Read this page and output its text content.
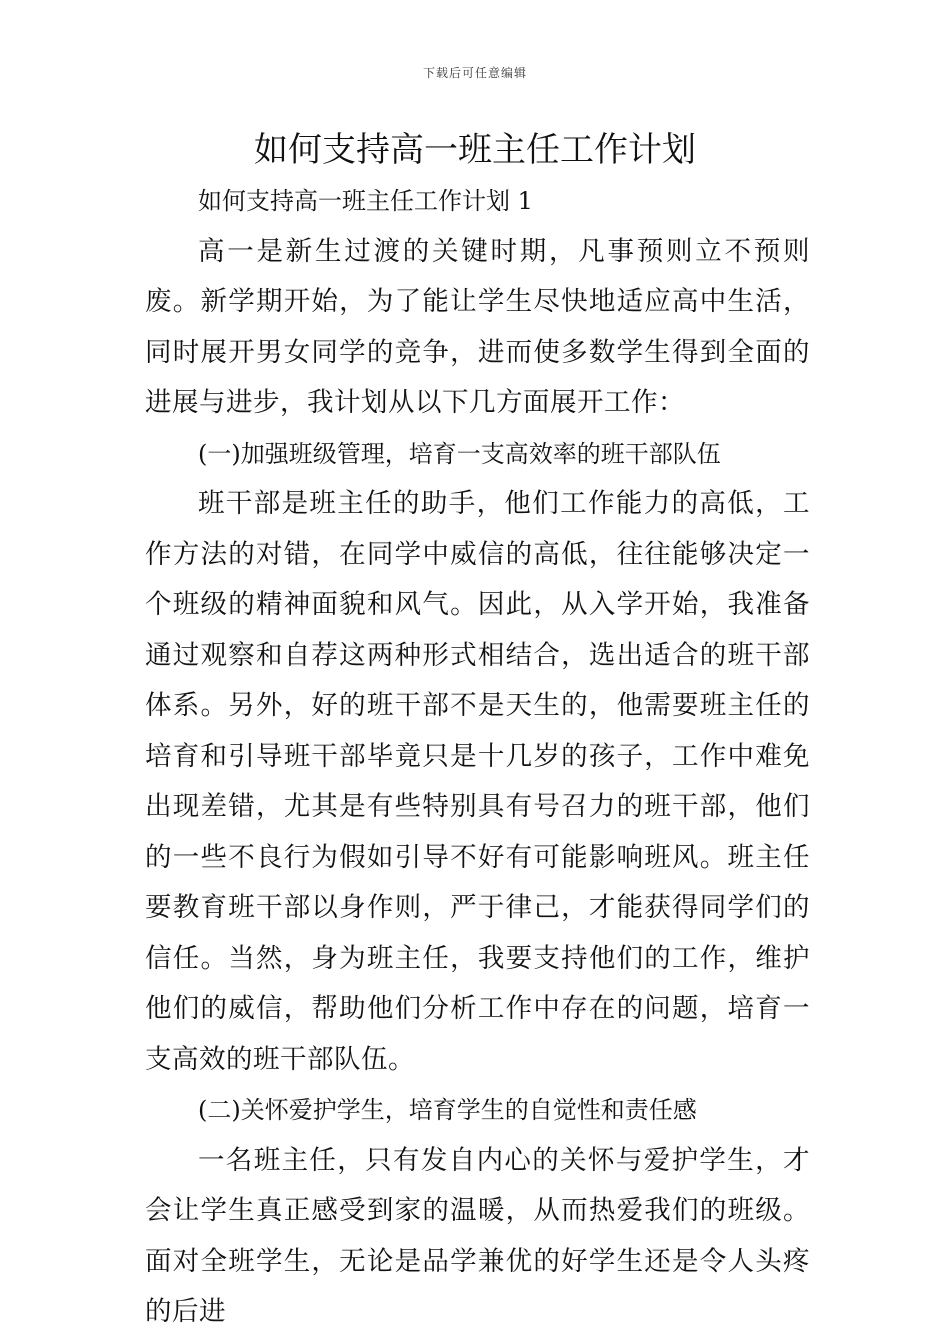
下载后可任意编辑
如何支持高一班主任工作计划

如何支持高一班主任工作计划 1

高一是新生过渡的关键时期，凡事预则立不预则废。新学期开始，为了能让学生尽快地适应高中生活，同时展开男女同学的竞争，进而使多数学生得到全面的进展与进步，我计划从以下几方面展开工作：

(一)加强班级管理，培育一支高效率的班干部队伍

班干部是班主任的助手，他们工作能力的高低，工作方法的对错，在同学中威信的高低，往往能够决定一个班级的精神面貌和风气。因此，从入学开始，我准备通过观察和自荐这两种形式相结合，选出适合的班干部体系。另外，好的班干部不是天生的，他需要班主任的培育和引导班干部毕竟只是十几岁的孩子，工作中难免出现差错，尤其是有些特别具有号召力的班干部，他们的一些不良行为假如引导不好有可能影响班风。班主任要教育班干部以身作则，严于律己，才能获得同学们的信任。当然，身为班主任，我要支持他们的工作，维护他们的威信，帮助他们分析工作中存在的问题，培育一支高效的班干部队伍。

(二)关怀爱护学生，培育学生的自觉性和责任感

一名班主任，只有发自内心的关怀与爱护学生，才会让学生真正感受到家的温暖，从而热爱我们的班级。面对全班学生，无论是品学兼优的好学生还是令人头疼的后进
